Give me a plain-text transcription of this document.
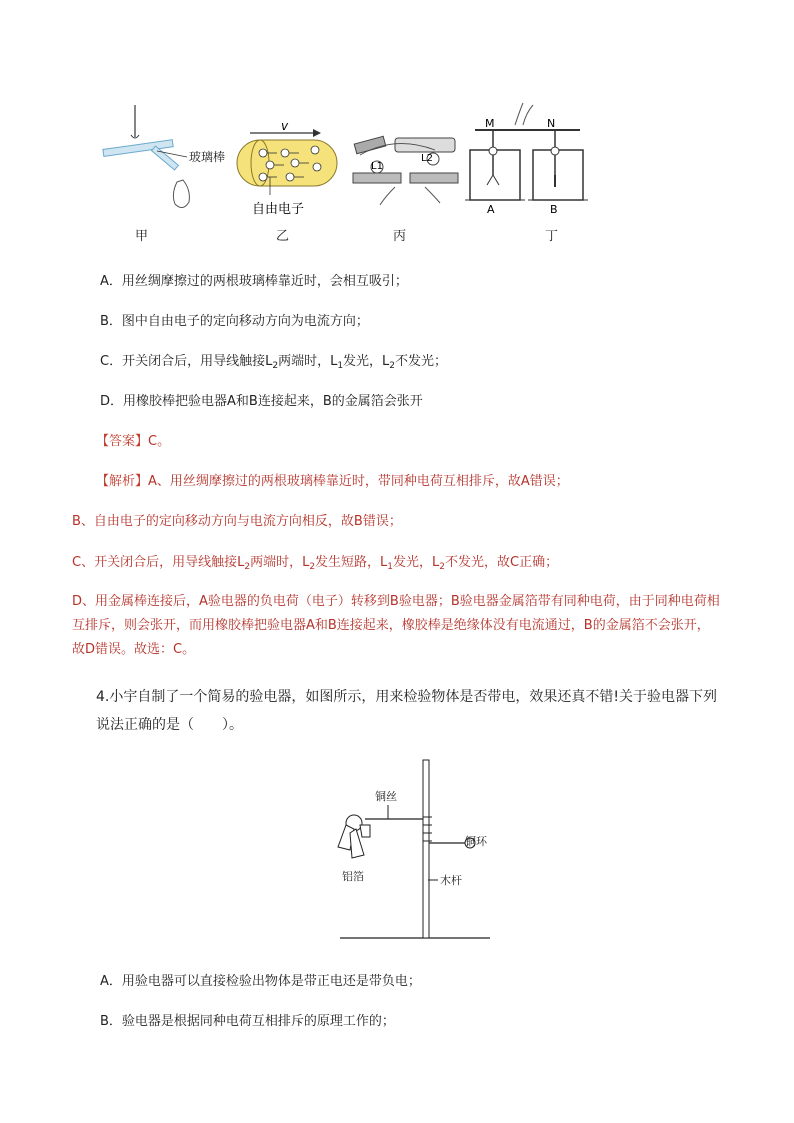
玻璃棒
v
自由电子
L1
L2
M	N
A	B
甲	乙	丙	丁
A．用丝绸摩擦过的两根玻璃棒靠近时，会相互吸引；
B．图中自由电子的定向移动方向为电流方向；
C．开关闭合后，用导线触接$L_2$两端时，$L_1$发光，$L_2$不发光；
D．用橡胶棒把验电器A和B连接起来，B的金属箔会张开
【答案】C。
【解析】A、用丝绸摩擦过的两根玻璃棒靠近时，带同种电荷互相排斥，故A错误；
B、自由电子的定向移动方向与电流方向相反，故B错误；
C、开关闭合后，用导线触接$L_2$两端时，$L_2$发生短路，$L_1$发光，$L_2$不发光，故C正确；
D、用金属棒连接后，A验电器的负电荷（电子）转移到B验电器；B验电器金属箔带有同种电荷，由于同种电荷相互排斥，则会张开，而用橡胶棒把验电器A和B连接起来，橡胶棒是绝缘体没有电流通过，B的金属箔不会张开，故D错误。故选：C。
4.小宇自制了一个简易的验电器，如图所示，用来检验物体是否带电，效果还真不错!关于验电器下列说法正确的是（　　）。
铜丝
铜环
铝箔	木杆
A．用验电器可以直接检验出物体是带正电还是带负电；
B．验电器是根据同种电荷互相排斥的原理工作的；
